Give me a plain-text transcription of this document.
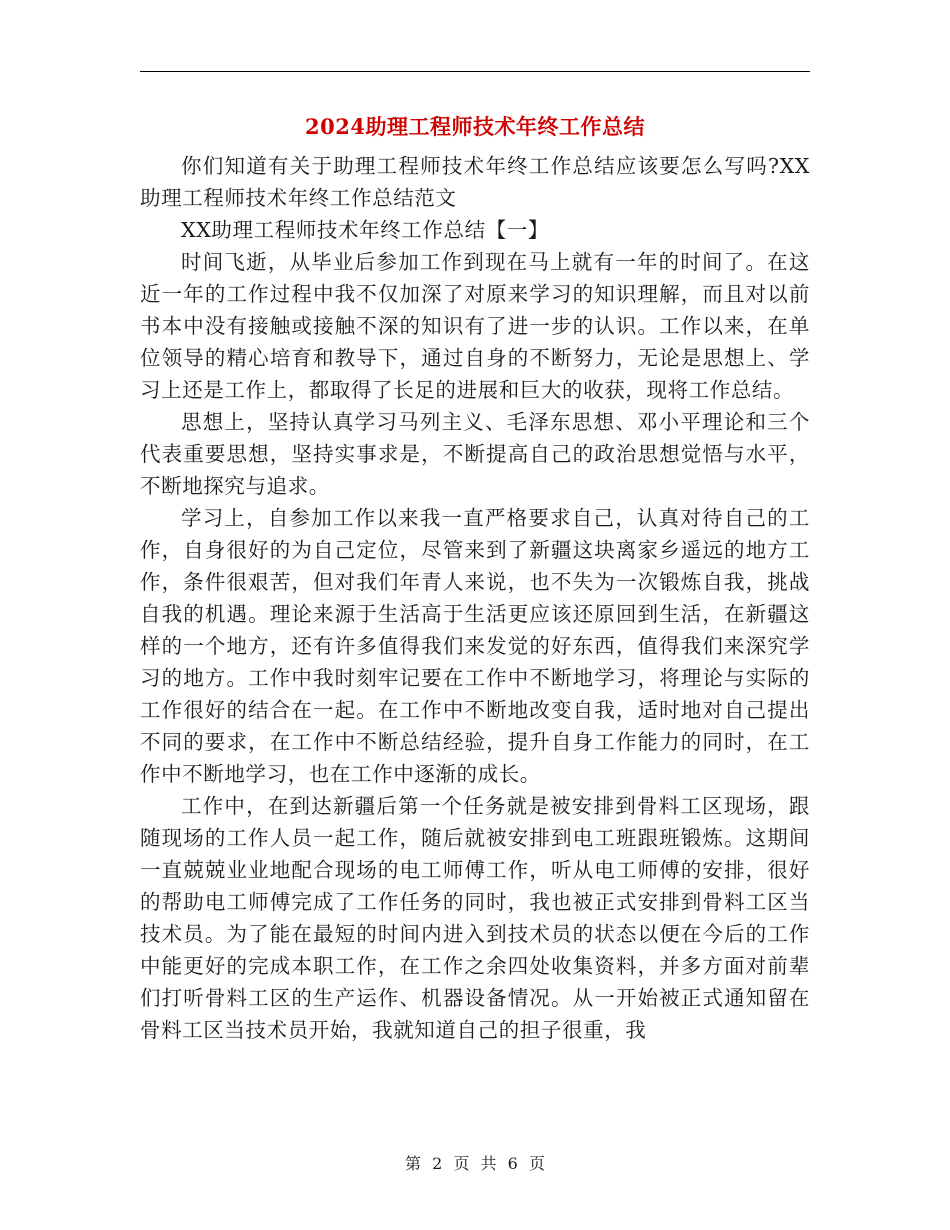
2024助理工程师技术年终工作总结

你们知道有关于助理工程师技术年终工作总结应该要怎么写吗?XX助理工程师技术年终工作总结范文

XX助理工程师技术年终工作总结【一】

时间飞逝，从毕业后参加工作到现在马上就有一年的时间了。在这近一年的工作过程中我不仅加深了对原来学习的知识理解，而且对以前书本中没有接触或接触不深的知识有了进一步的认识。工作以来，在单位领导的精心培育和教导下，通过自身的不断努力，无论是思想上、学习上还是工作上，都取得了长足的进展和巨大的收获，现将工作总结。

思想上，坚持认真学习马列主义、毛泽东思想、邓小平理论和三个代表重要思想，坚持实事求是，不断提高自己的政治思想觉悟与水平，不断地探究与追求。

学习上，自参加工作以来我一直严格要求自己，认真对待自己的工作，自身很好的为自己定位，尽管来到了新疆这块离家乡遥远的地方工作，条件很艰苦，但对我们年青人来说，也不失为一次锻炼自我，挑战自我的机遇。理论来源于生活高于生活更应该还原回到生活，在新疆这样的一个地方，还有许多值得我们来发觉的好东西，值得我们来深究学习的地方。工作中我时刻牢记要在工作中不断地学习，将理论与实际的工作很好的结合在一起。在工作中不断地改变自我，适时地对自己提出不同的要求，在工作中不断总结经验，提升自身工作能力的同时，在工作中不断地学习，也在工作中逐渐的成长。

工作中，在到达新疆后第一个任务就是被安排到骨料工区现场，跟随现场的工作人员一起工作，随后就被安排到电工班跟班锻炼。这期间一直兢兢业业地配合现场的电工师傅工作，听从电工师傅的安排，很好的帮助电工师傅完成了工作任务的同时，我也被正式安排到骨料工区当技术员。为了能在最短的时间内进入到技术员的状态以便在今后的工作中能更好的完成本职工作，在工作之余四处收集资料，并多方面对前辈们打听骨料工区的生产运作、机器设备情况。从一开始被正式通知留在骨料工区当技术员开始，我就知道自己的担子很重，我

第 2 页 共 6 页
